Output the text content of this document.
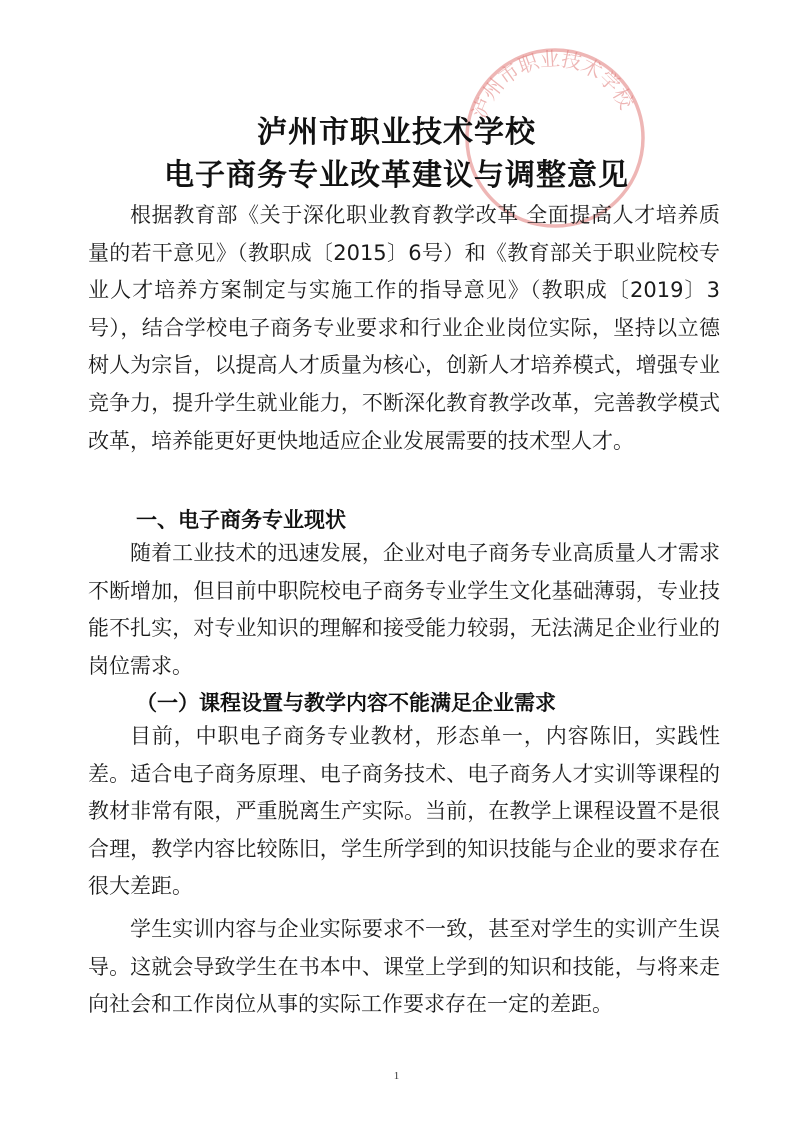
泸州市职业技术学校
泸州市职业技术学校
电子商务专业改革建议与调整意见

根据教育部《关于深化职业教育教学改革 全面提高人才培养质量的若干意见》（教职成〔2015〕6号）和《教育部关于职业院校专业人才培养方案制定与实施工作的指导意见》（教职成〔2019〕3号），结合学校电子商务专业要求和行业企业岗位实际，坚持以立德树人为宗旨，以提高人才质量为核心，创新人才培养模式，增强专业竞争力，提升学生就业能力，不断深化教育教学改革，完善教学模式改革，培养能更好更快地适应企业发展需要的技术型人才。

一、电子商务专业现状

随着工业技术的迅速发展，企业对电子商务专业高质量人才需求不断增加，但目前中职院校电子商务专业学生文化基础薄弱，专业技能不扎实，对专业知识的理解和接受能力较弱，无法满足企业行业的岗位需求。

（一）课程设置与教学内容不能满足企业需求

目前，中职电子商务专业教材，形态单一，内容陈旧，实践性差。适合电子商务原理、电子商务技术、电子商务人才实训等课程的教材非常有限，严重脱离生产实际。当前，在教学上课程设置不是很合理，教学内容比较陈旧，学生所学到的知识技能与企业的要求存在很大差距。

学生实训内容与企业实际要求不一致，甚至对学生的实训产生误导。这就会导致学生在书本中、课堂上学到的知识和技能，与将来走向社会和工作岗位从事的实际工作要求存在一定的差距。

1
